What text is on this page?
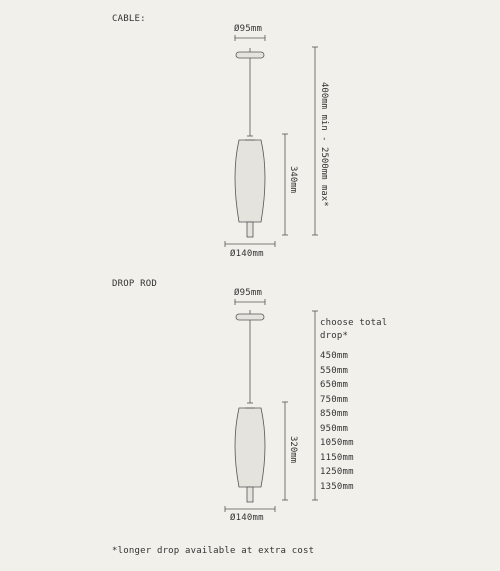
CABLE:
DROP ROD
Ø95mm
Ø140mm
340mm 400mm min - 2500mm max*
Ø95mm
Ø140mm
320mm
choose total
drop*
450mm
550mm
650mm
750mm
850mm
950mm
1050mm
1150mm
1250mm
1350mm
*longer drop available at extra cost
